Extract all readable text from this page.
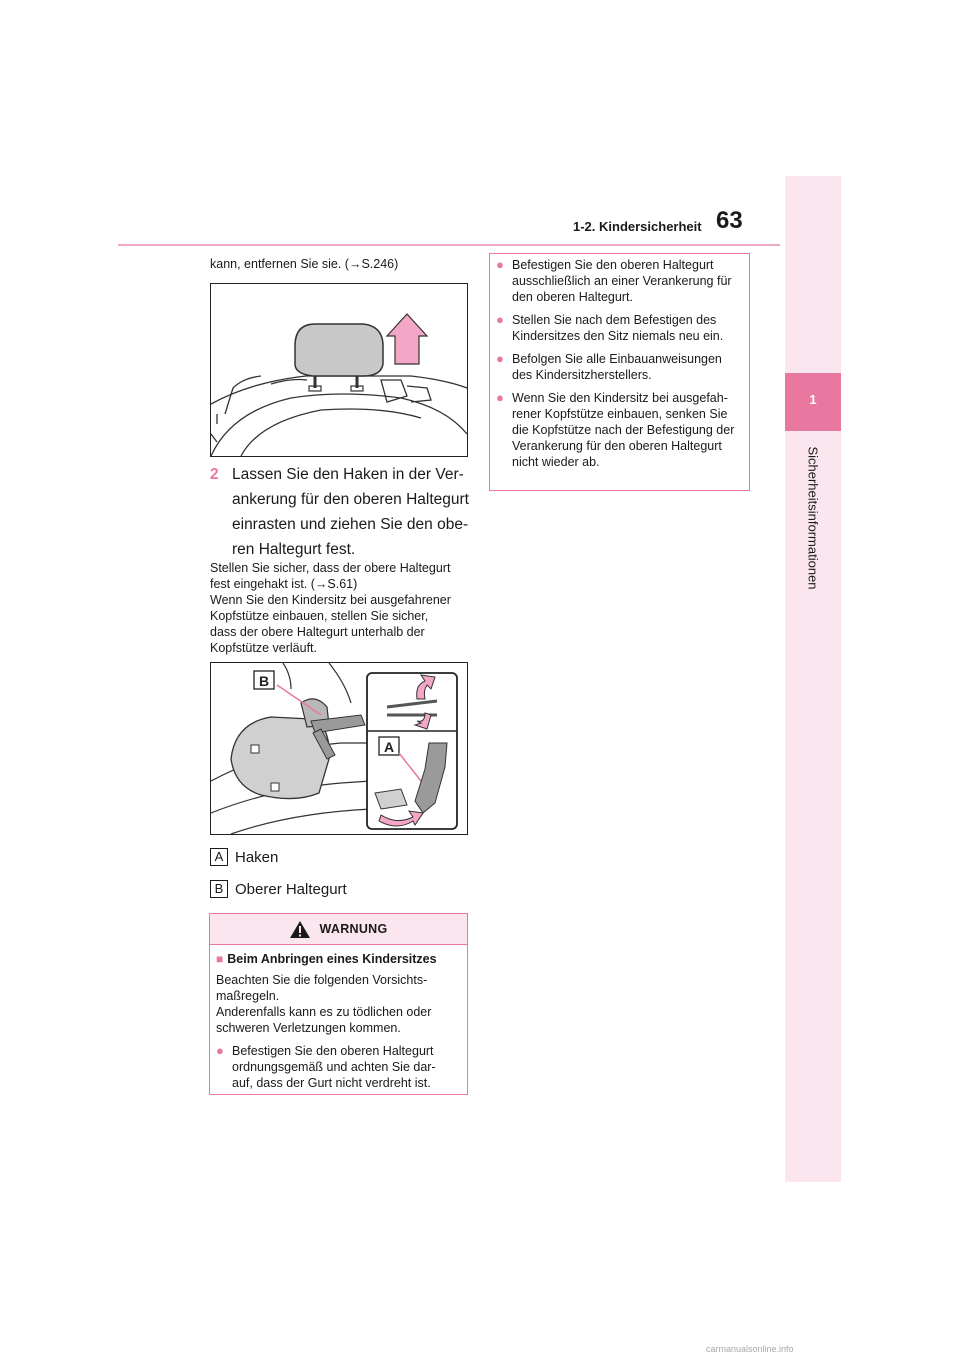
1-2. Kindersicherheit 63
1
Sicherheitsinformationen
kann, entfernen Sie sie. (→S.246)
2 Lassen Sie den Haken in der Ver-
ankerung für den oberen Haltegurt
einrasten und ziehen Sie den obe-
ren Haltegurt fest.
Stellen Sie sicher, dass der obere Haltegurt
fest eingehakt ist. (→S.61)
Wenn Sie den Kindersitz bei ausgefahrener
Kopfstütze einbauen, stellen Sie sicher,
dass der obere Haltegurt unterhalb der
Kopfstütze verläuft.
B
A
A Haken
B Oberer Haltegurt
WARNUNG
■ Beim Anbringen eines Kindersitzes
Beachten Sie die folgenden Vorsichts-
maßregeln.
Anderenfalls kann es zu tödlichen oder
schweren Verletzungen kommen.
● Befestigen Sie den oberen Haltegurt
ordnungsgemäß und achten Sie dar-
auf, dass der Gurt nicht verdreht ist.
● Befestigen Sie den oberen Haltegurt
ausschließlich an einer Verankerung für
den oberen Haltegurt.
● Stellen Sie nach dem Befestigen des
Kindersitzes den Sitz niemals neu ein.
● Befolgen Sie alle Einbauanweisungen
des Kindersitzherstellers.
● Wenn Sie den Kindersitz bei ausgefah-
rener Kopfstütze einbauen, senken Sie
die Kopfstütze nach der Befestigung der
Verankerung für den oberen Haltegurt
nicht wieder ab.
carmanualsonline.info
